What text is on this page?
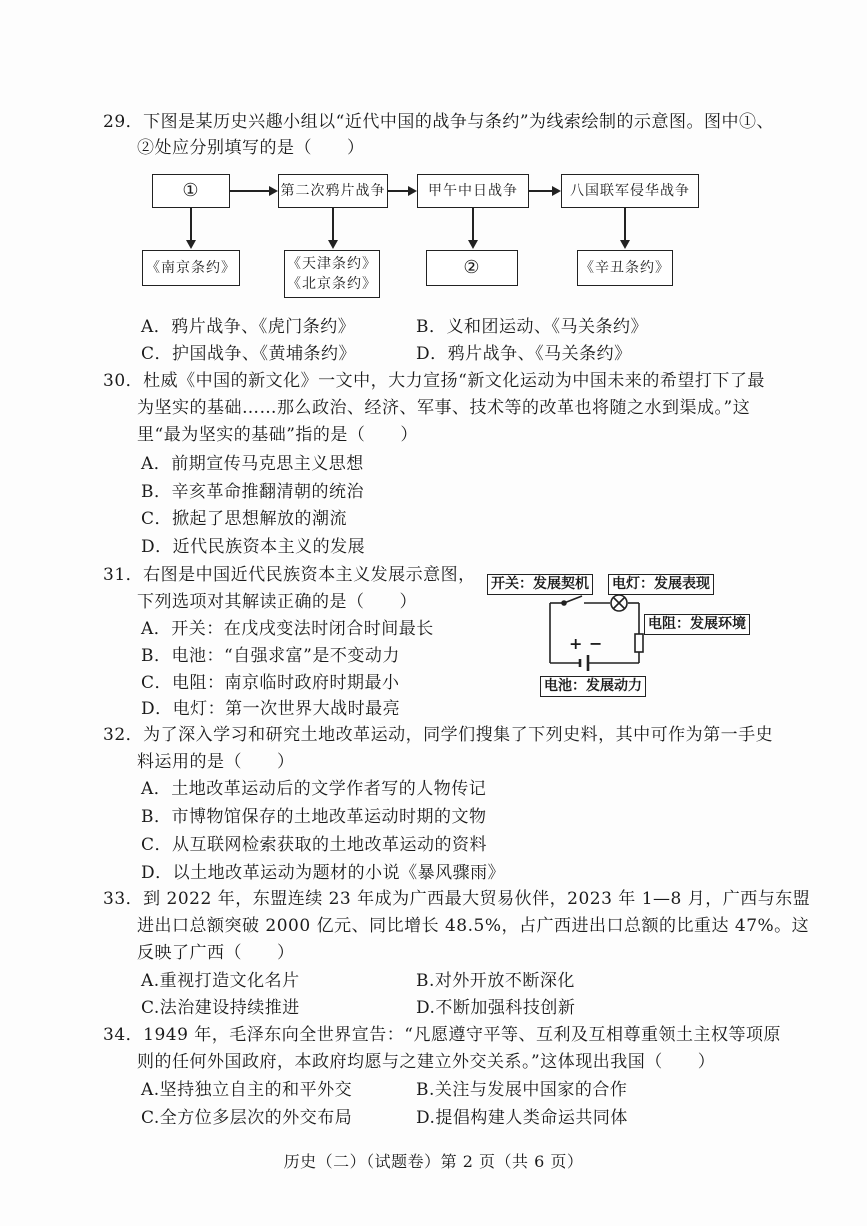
29．下图是某历史兴趣小组以“近代中国的战争与条约”为线索绘制的示意图。图中①、
②处应分别填写的是（　　）
①	第二次鸦片战争	甲午中日战争	八国联军侵华战争
《南京条约》	《天津条约》
《北京条约》
②	《辛丑条约》
A．鸦片战争、《虎门条约》	B．义和团运动、《马关条约》
C．护国战争、《黄埔条约》	D．鸦片战争、《马关条约》
30．杜威《中国的新文化》一文中，大力宣扬“新文化运动为中国未来的希望打下了最
为坚实的基础……那么政治、经济、军事、技术等的改革也将随之水到渠成。”这
里“最为坚实的基础”指的是（　　）
A．前期宣传马克思主义思想
B．辛亥革命推翻清朝的统治
C．掀起了思想解放的潮流
D．近代民族资本主义的发展
31．右图是中国近代民族资本主义发展示意图，
下列选项对其解读正确的是（　　）
A．开关：在戊戌变法时闭合时间最长
B．电池：“自强求富”是不变动力
C．电阻：南京临时政府时期最小
D．电灯：第一次世界大战时最亮
开关：发展契机 电灯：发展表现
电阻：发展环境
电池：发展动力
+ −
32．为了深入学习和研究土地改革运动，同学们搜集了下列史料，其中可作为第一手史
料运用的是（　　）
A．土地改革运动后的文学作者写的人物传记
B．市博物馆保存的土地改革运动时期的文物
C．从互联网检索获取的土地改革运动的资料
D．以土地改革运动为题材的小说《暴风骤雨》
33．到 2022 年，东盟连续 23 年成为广西最大贸易伙伴，2023 年 1—8 月，广西与东盟
进出口总额突破 2000 亿元、同比增长 48.5%，占广西进出口总额的比重达 47%。这
反映了广西（　　）
A.重视打造文化名片	B.对外开放不断深化
C.法治建设持续推进	D.不断加强科技创新
34．1949 年，毛泽东向全世界宣告：“凡愿遵守平等、互利及互相尊重领土主权等项原
则的任何外国政府，本政府均愿与之建立外交关系。”这体现出我国（　　）
A.坚持独立自主的和平外交	B.关注与发展中国家的合作
C.全方位多层次的外交布局	D.提倡构建人类命运共同体
历史（二）（试题卷）第 2 页（共 6 页）
